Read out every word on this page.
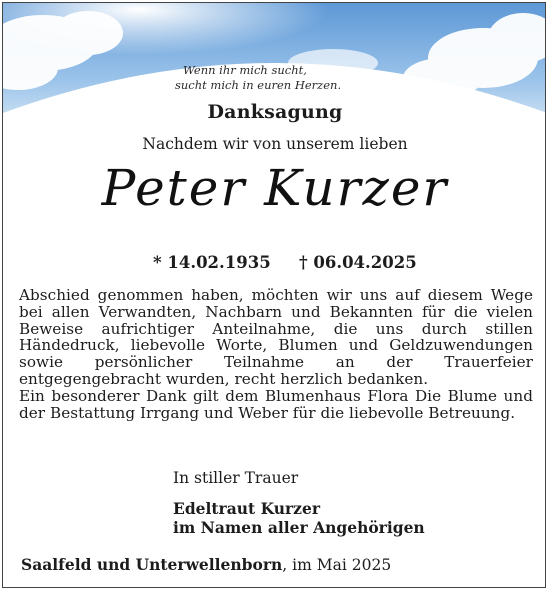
Wenn ihr mich sucht,
sucht mich in euren Herzen.
Danksagung
Nachdem wir von unserem lieben
Peter Kurzer
* 14.02.1935 † 06.04.2025

Abschied genommen haben, möchten wir uns auf diesem Wege bei allen Verwandten, Nachbarn und Bekannten für die vielen Beweise aufrichtiger Anteilnahme, die uns durch stillen Händedruck, liebevolle Worte, Blumen und Geldzuwendungen sowie persönlicher Teilnahme an der Trauerfeier entgegengebracht wurden, recht herzlich bedanken.

Ein besonderer Dank gilt dem Blumenhaus Flora Die Blume und der Bestattung Irrgang und Weber für die liebevolle Betreuung.

In stiller Trauer
Edeltraut Kurzer
im Namen aller Angehörigen
Saalfeld und Unterwellenborn, im Mai 2025
